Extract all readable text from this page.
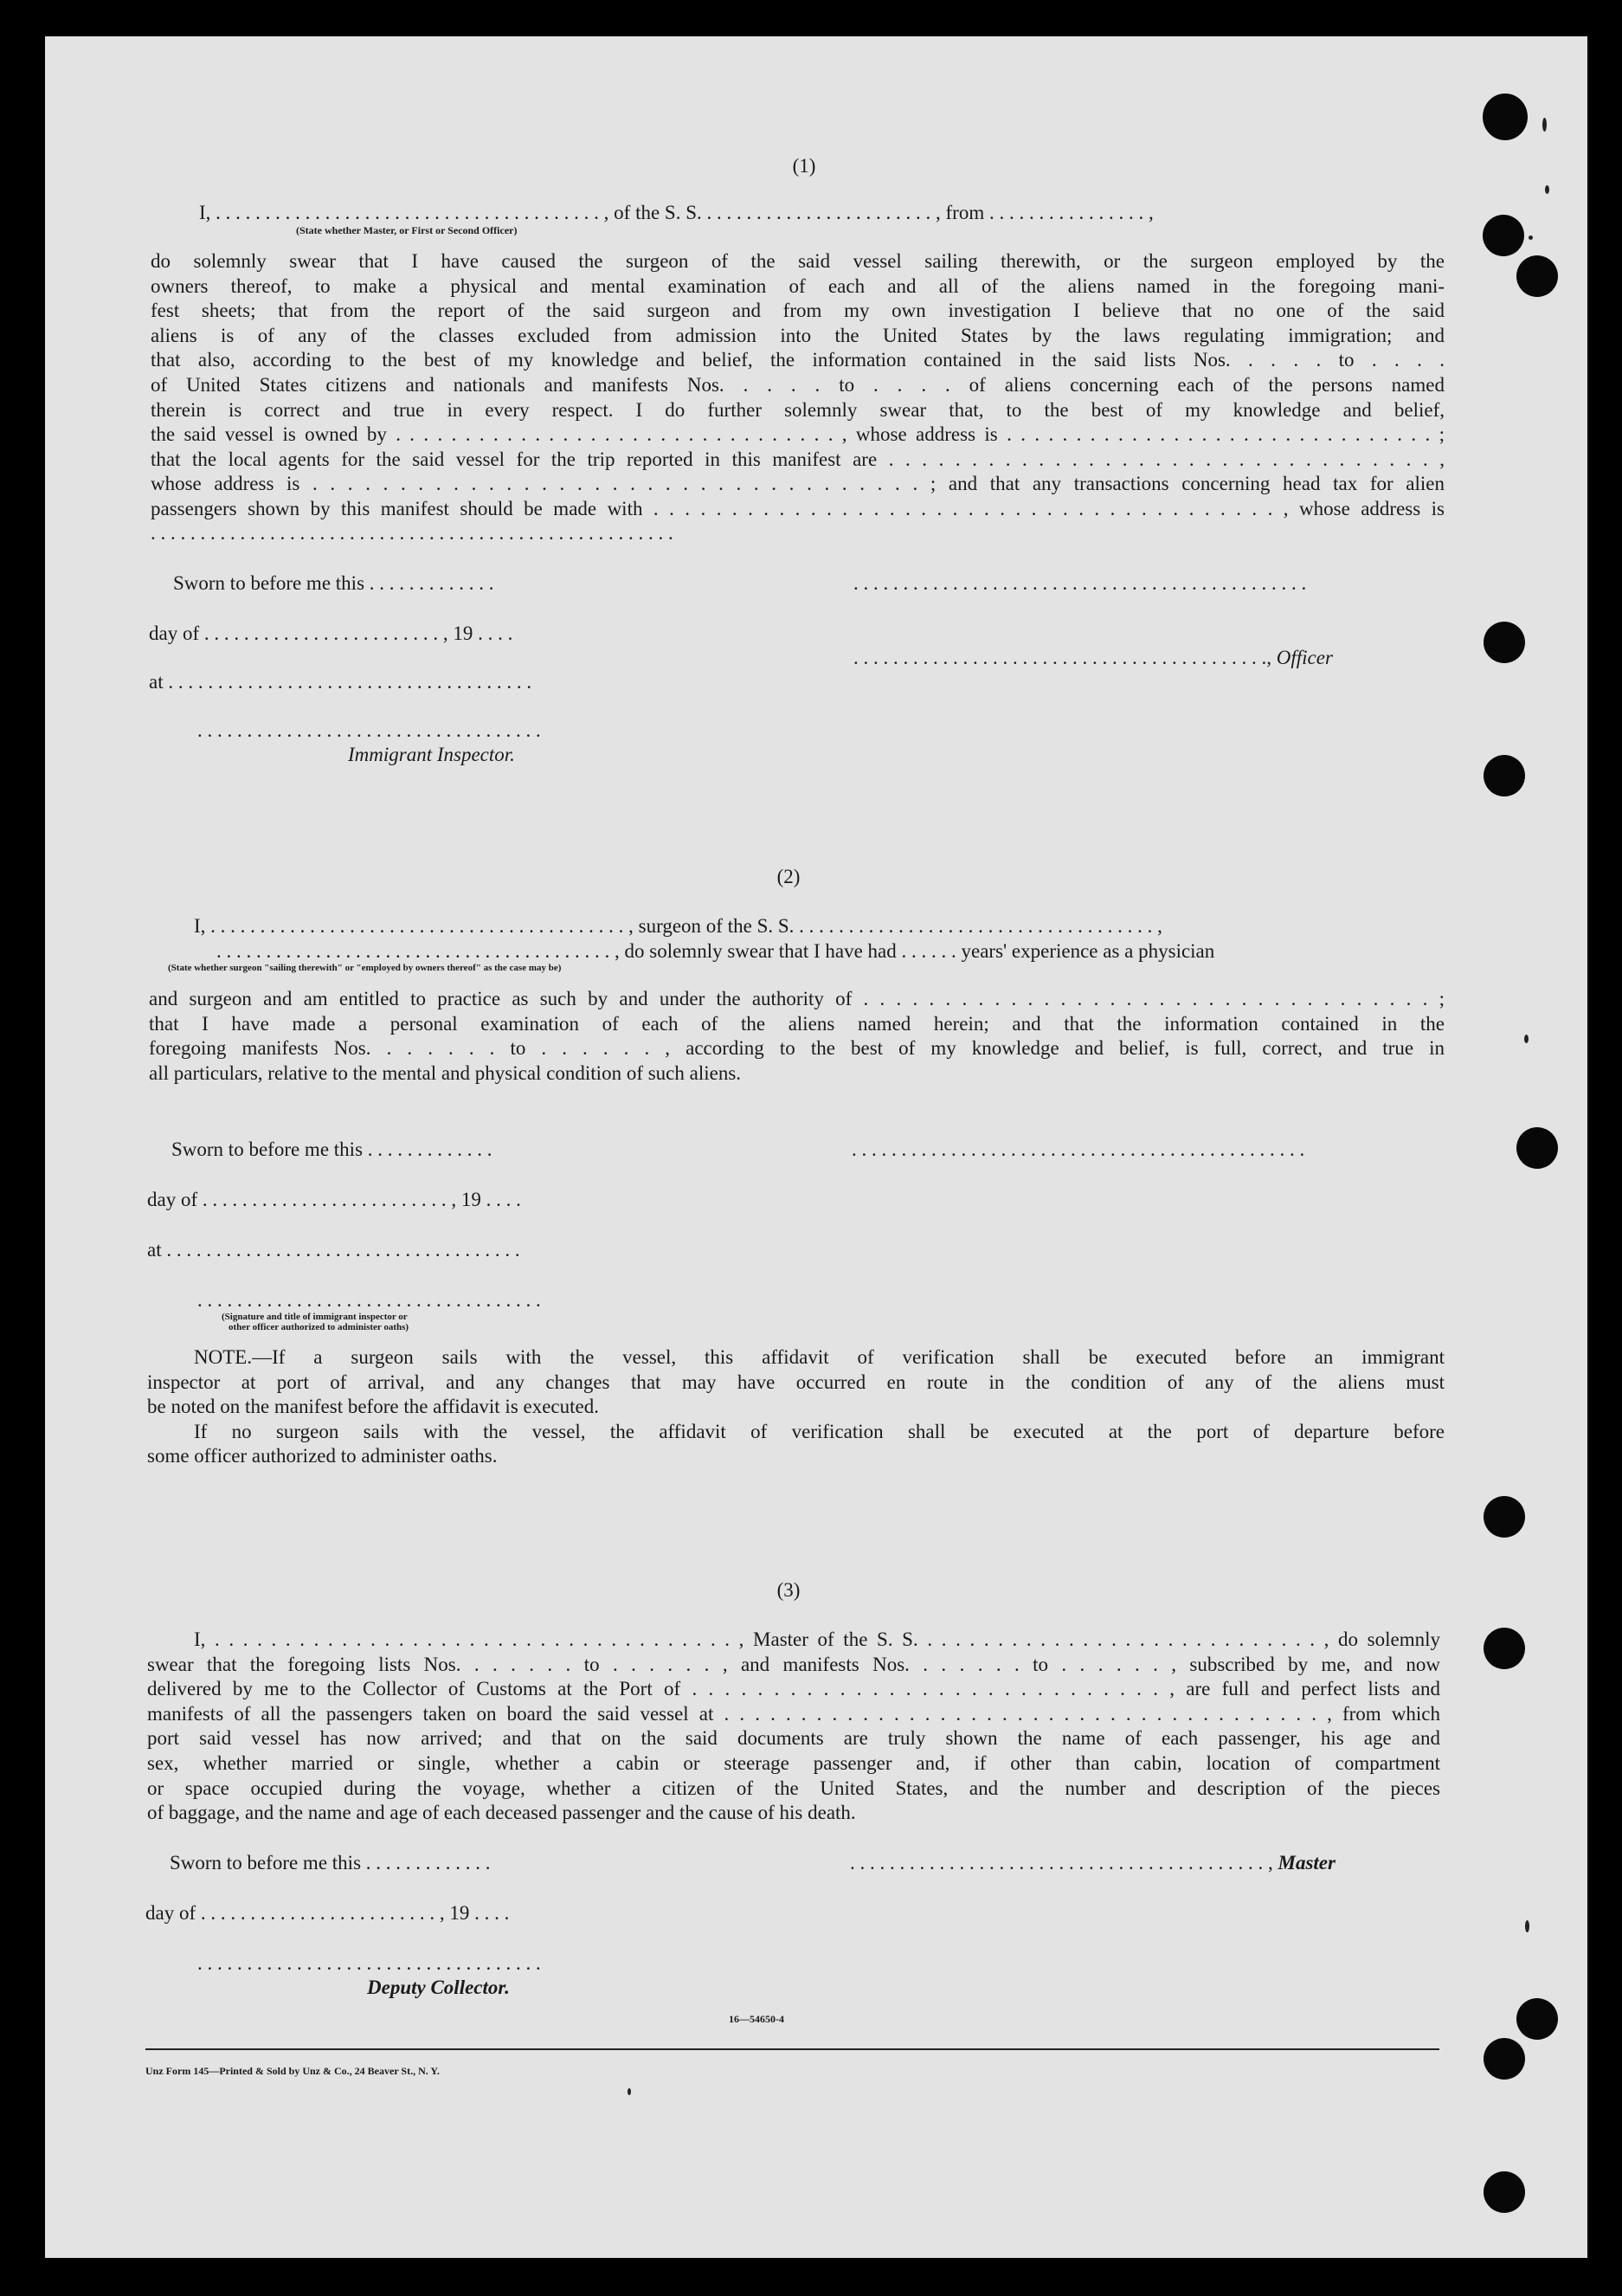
(1)
I, . . . . . . . . . . . . . . . . . . . . . . . . . . . . . . . . . . . . . . . , of the S. S. . . . . . . . . . . . . . . . . . . . . . . . , from . . . . . . . . . . . . . . . . ,
(State whether Master, or First or Second Officer)

do solemnly swear that I have caused the surgeon of the said vessel sailing therewith, or the surgeon employed by the

owners thereof, to make a physical and mental examination of each and all of the aliens named in the foregoing mani-

fest sheets; that from the report of the said surgeon and from my own investigation I believe that no one of the said

aliens is of any of the classes excluded from admission into the United States by the laws regulating immigration; and

that also, according to the best of my knowledge and belief, the information contained in the said lists Nos. . . . . to . . . .

of United States citizens and nationals and manifests Nos. . . . . to . . . . of aliens concerning each of the persons named

therein is correct and true in every respect. I do further solemnly swear that, to the best of my knowledge and belief,

the said vessel is owned by . . . . . . . . . . . . . . . . . . . . . . . . . . . . . . . . , whose address is . . . . . . . . . . . . . . . . . . . . . . . . . . . . . . . ;

that the local agents for the said vessel for the trip reported in this manifest are . . . . . . . . . . . . . . . . . . . . . . . . . . . . . . . . . ,

whose address is . . . . . . . . . . . . . . . . . . . . . . . . . . . . . . . . . . . ; and that any transactions concerning head tax for alien

passengers shown by this manifest should be made with . . . . . . . . . . . . . . . . . . . . . . . . . . . . . . . . . . . . . . . . , whose address is

. . . . . . . . . . . . . . . . . . . . . . . . . . . . . . . . . . . . . . . . . . . . . . . . . . . . .
Sworn to before me this . . . . . . . . . . . . .	. . . . . . . . . . . . . . . . . . . . . . . . . . . . . . . . . . . . . . . . . . . . . .
day of . . . . . . . . . . . . . . . . . . . . . . . . , 19 . . . .
. . . . . . . . . . . . . . . . . . . . . . . . . . . . . . . . . . . . . . . . . ., Officer
at . . . . . . . . . . . . . . . . . . . . . . . . . . . . . . . . . . . . .
. . . . . . . . . . . . . . . . . . . . . . . . . . . . . . . . . . .
Immigrant Inspector.
(2)
I, . . . . . . . . . . . . . . . . . . . . . . . . . . . . . . . . . . . . . . . . . . , surgeon of the S. S. . . . . . . . . . . . . . . . . . . . . . . . . . . . . . . . . . . . . ,
. . . . . . . . . . . . . . . . . . . . . . . . . . . . . . . . . . . . . . . . , do solemnly swear that I have had . . . . . . years' experience as a physician
(State whether surgeon "sailing therewith" or "employed by owners thereof" as the case may be)

and surgeon and am entitled to practice as such by and under the authority of . . . . . . . . . . . . . . . . . . . . . . . . . . . . . . . . . . . ;

that I have made a personal examination of each of the aliens named herein; and that the information contained in the

foregoing manifests Nos. . . . . . . to . . . . . . , according to the best of my knowledge and belief, is full, correct, and true in

all particulars, relative to the mental and physical condition of such aliens.

Sworn to before me this . . . . . . . . . . . . .	. . . . . . . . . . . . . . . . . . . . . . . . . . . . . . . . . . . . . . . . . . . . . .
day of . . . . . . . . . . . . . . . . . . . . . . . . . , 19 . . . .
at . . . . . . . . . . . . . . . . . . . . . . . . . . . . . . . . . . . .
. . . . . . . . . . . . . . . . . . . . . . . . . . . . . . . . . . .
(Signature and title of immigrant inspector or
other officer authorized to administer oaths)

NOTE.—If a surgeon sails with the vessel, this affidavit of verification shall be executed before an immigrant

inspector at port of arrival, and any changes that may have occurred en route in the condition of any of the aliens must

be noted on the manifest before the affidavit is executed.

If no surgeon sails with the vessel, the affidavit of verification shall be executed at the port of departure before

some officer authorized to administer oaths.

(3)

I, . . . . . . . . . . . . . . . . . . . . . . . . . . . . . . . . . . . . . , Master of the S. S. . . . . . . . . . . . . . . . . . . . . . . . . . . . . , do solemnly

swear that the foregoing lists Nos. . . . . . . to . . . . . . , and manifests Nos. . . . . . . to . . . . . . , subscribed by me, and now

delivered by me to the Collector of Customs at the Port of . . . . . . . . . . . . . . . . . . . . . . . . . . . . . , are full and perfect lists and

manifests of all the passengers taken on board the said vessel at . . . . . . . . . . . . . . . . . . . . . . . . . . . . . . . . . . . . . . . , from which

port said vessel has now arrived; and that on the said documents are truly shown the name of each passenger, his age and

sex, whether married or single, whether a cabin or steerage passenger and, if other than cabin, location of compartment

or space occupied during the voyage, whether a citizen of the United States, and the number and description of the pieces

of baggage, and the name and age of each deceased passenger and the cause of his death.

Sworn to before me this . . . . . . . . . . . . .	. . . . . . . . . . . . . . . . . . . . . . . . . . . . . . . . . . . . . . . . . . , Master
day of . . . . . . . . . . . . . . . . . . . . . . . . , 19 . . . .
. . . . . . . . . . . . . . . . . . . . . . . . . . . . . . . . . . .
Deputy Collector.
16—54650-4
Unz Form 145—Printed & Sold by Unz & Co., 24 Beaver St., N. Y.
